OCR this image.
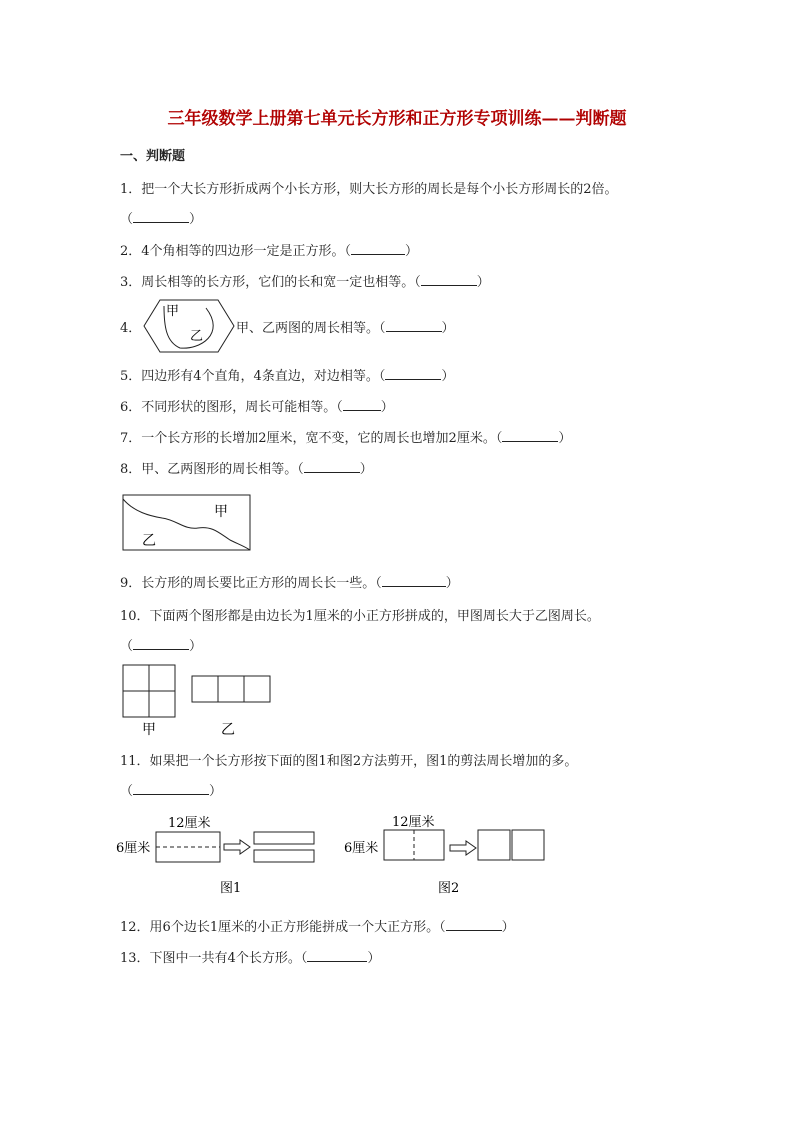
三年级数学上册第七单元长方形和正方形专项训练——判断题
一、判断题
1．把一个大长方形折成两个小长方形，则大长方形的周长是每个小长方形周长的2倍。
（	）
2．4个角相等的四边形一定是正方形。（	）
3．周长相等的长方形，它们的长和宽一定也相等。（	）
4．
甲
乙
甲、乙两图的周长相等。（	）
5．四边形有4个直角，4条直边，对边相等。（	）
6．不同形状的图形，周长可能相等。（	）
7．一个长方形的长增加2厘米，宽不变，它的周长也增加2厘米。（	）
8．甲、乙两图形的周长相等。（	）
甲
乙
9．长方形的周长要比正方形的周长长一些。（	）
10．下面两个图形都是由边长为1厘米的小正方形拼成的，甲图周长大于乙图周长。
（	）
甲	乙
11．如果把一个长方形按下面的图1和图2方法剪开，图1的剪法周长增加的多。
（	）
12厘米
6厘米
图1
12厘米
6厘米
图2
12．用6个边长1厘米的小正方形能拼成一个大正方形。（	）
13．下图中一共有4个长方形。（	）
